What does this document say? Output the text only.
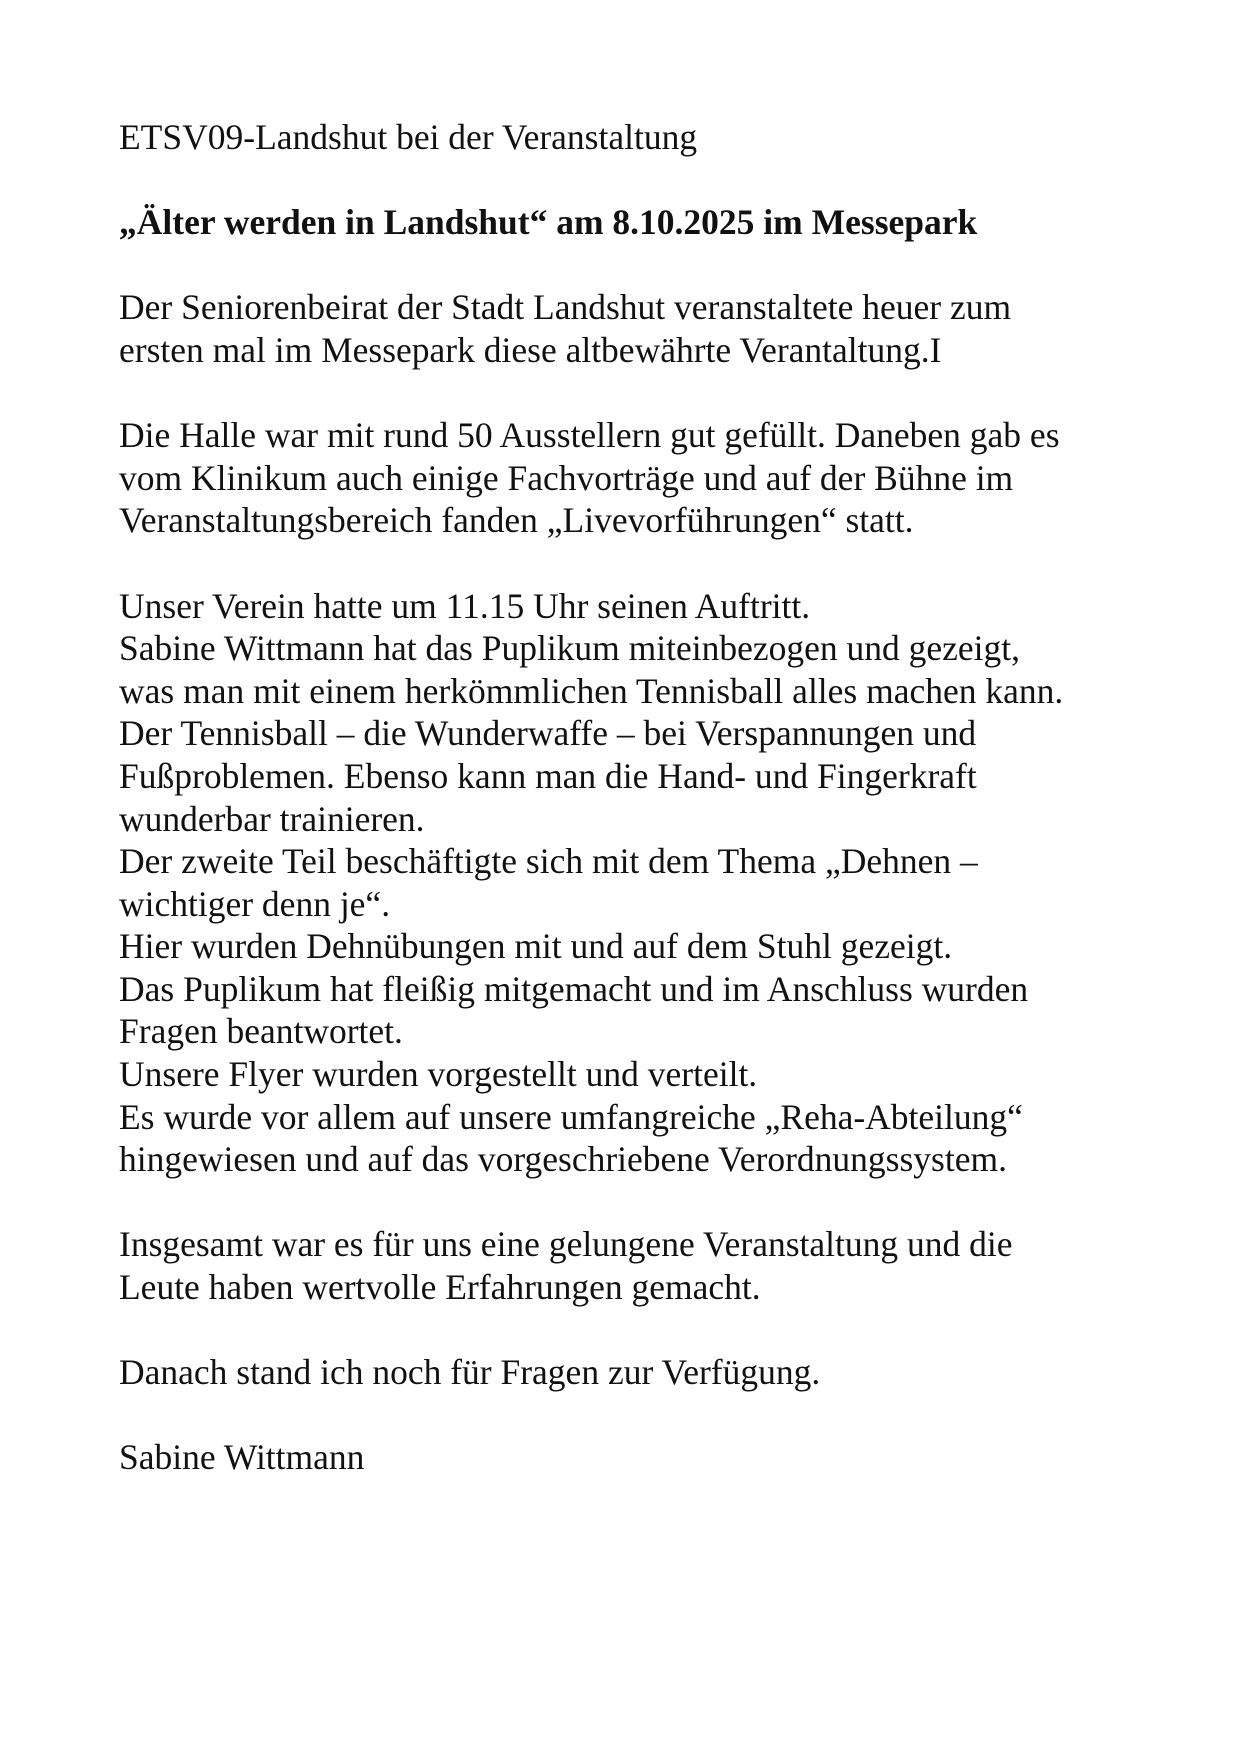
ETSV09-Landshut bei der Veranstaltung

„Älter werden in Landshut“ am 8.10.2025 im Messepark

Der Seniorenbeirat der Stadt Landshut veranstaltete heuer zum
ersten mal im Messepark diese altbewährte Verantaltung.I

Die Halle war mit rund 50 Ausstellern gut gefüllt. Daneben gab es
vom Klinikum auch einige Fachvorträge und auf der Bühne im
Veranstaltungsbereich fanden „Livevorführungen“ statt.

Unser Verein hatte um 11.15 Uhr seinen Auftritt.
Sabine Wittmann hat das Puplikum miteinbezogen und gezeigt,
was man mit einem herkömmlichen Tennisball alles machen kann.
Der Tennisball – die Wunderwaffe – bei Verspannungen und
Fußproblemen. Ebenso kann man die Hand- und Fingerkraft
wunderbar trainieren.
Der zweite Teil beschäftigte sich mit dem Thema „Dehnen –
wichtiger denn je“.
Hier wurden Dehnübungen mit und auf dem Stuhl gezeigt.
Das Puplikum hat fleißig mitgemacht und im Anschluss wurden
Fragen beantwortet.
Unsere Flyer wurden vorgestellt und verteilt.
Es wurde vor allem auf unsere umfangreiche „Reha-Abteilung“
hingewiesen und auf das vorgeschriebene Verordnungssystem.

Insgesamt war es für uns eine gelungene Veranstaltung und die
Leute haben wertvolle Erfahrungen gemacht.

Danach stand ich noch für Fragen zur Verfügung.

Sabine Wittmann
